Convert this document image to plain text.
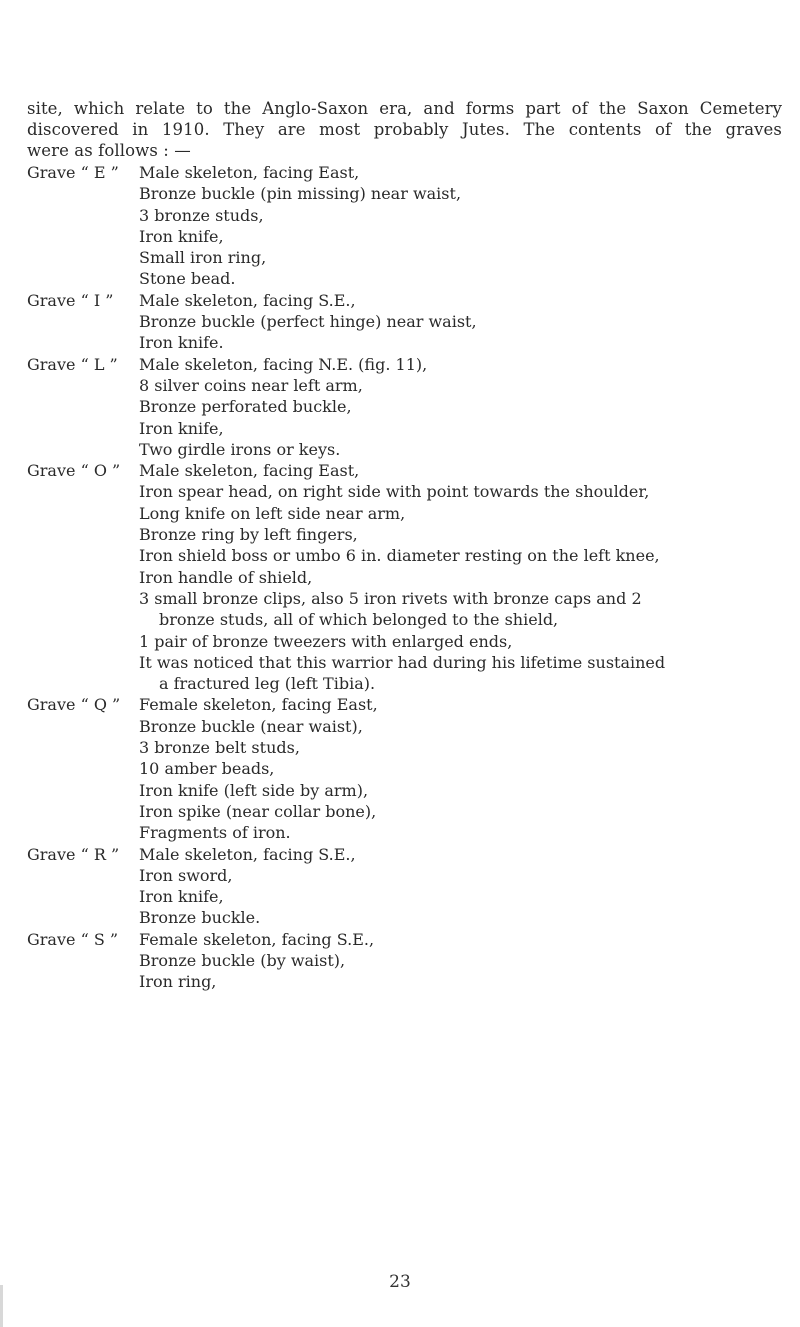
site, which relate to the Anglo-Saxon era, and forms part of the Saxon Cemetery
discovered in 1910. They are most probably Jutes. The contents of the graves
were as follows : —

Grave “ E ”	Male skeleton, facing East,
Bronze buckle (pin missing) near waist,
3 bronze studs,
Iron knife,
Small iron ring,
Stone bead.
Grave “ I ”	Male skeleton, facing S.E.,
Bronze buckle (perfect hinge) near waist,
Iron knife.
Grave “ L ”	Male skeleton, facing N.E. (fig. 11),
8 silver coins near left arm,
Bronze perforated buckle,
Iron knife,
Two girdle irons or keys.
Grave “ O ”	Male skeleton, facing East,
Iron spear head, on right side with point towards the shoulder,
Long knife on left side near arm,
Bronze ring by left fingers,
Iron shield boss or umbo 6 in. diameter resting on the left knee,
Iron handle of shield,
3 small bronze clips, also 5 iron rivets with bronze caps and 2
bronze studs, all of which belonged to the shield,
1 pair of bronze tweezers with enlarged ends,
It was noticed that this warrior had during his lifetime sustained
a fractured leg (left Tibia).
Grave “ Q ”	Female skeleton, facing East,
Bronze buckle (near waist),
3 bronze belt studs,
10 amber beads,
Iron knife (left side by arm),
Iron spike (near collar bone),
Fragments of iron.
Grave “ R ”	Male skeleton, facing S.E.,
Iron sword,
Iron knife,
Bronze buckle.
Grave “ S ”	Female skeleton, facing S.E.,
Bronze buckle (by waist),
Iron ring,
23
